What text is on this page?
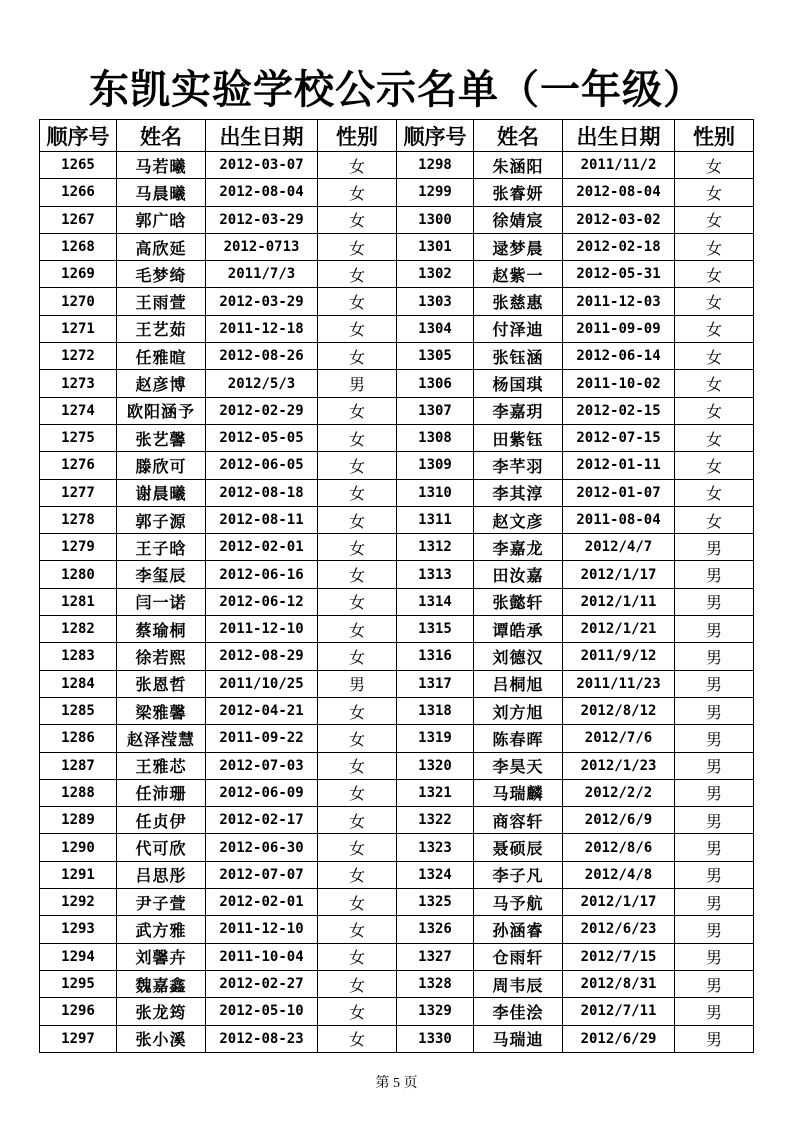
东凯实验学校公示名单（一年级）
顺序号	姓名	出生日期	性别	顺序号	姓名	出生日期	性别
1265	马若曦	2012-03-07	女	1298	朱涵阳	2011/11/2	女
1266	马晨曦	2012-08-04	女	1299	张睿妍	2012-08-04	女
1267	郭广晗	2012-03-29	女	1300	徐婧宸	2012-03-02	女
1268	高欣延	2012-0713	女	1301	逯梦晨	2012-02-18	女
1269	毛梦绮	2011/7/3	女	1302	赵紫一	2012-05-31	女
1270	王雨萱	2012-03-29	女	1303	张慈惠	2011-12-03	女
1271	王艺茹	2011-12-18	女	1304	付泽迪	2011-09-09	女
1272	任雅暄	2012-08-26	女	1305	张钰涵	2012-06-14	女
1273	赵彦博	2012/5/3	男	1306	杨国琪	2011-10-02	女
1274	欧阳涵予	2012-02-29	女	1307	李嘉玥	2012-02-15	女
1275	张艺馨	2012-05-05	女	1308	田紫钰	2012-07-15	女
1276	滕欣可	2012-06-05	女	1309	李芊羽	2012-01-11	女
1277	谢晨曦	2012-08-18	女	1310	李其淳	2012-01-07	女
1278	郭子源	2012-08-11	女	1311	赵文彦	2011-08-04	女
1279	王子晗	2012-02-01	女	1312	李嘉龙	2012/4/7	男
1280	李玺辰	2012-06-16	女	1313	田汝嘉	2012/1/17	男
1281	闫一诺	2012-06-12	女	1314	张懿轩	2012/1/11	男
1282	蔡瑜桐	2011-12-10	女	1315	谭皓承	2012/1/21	男
1283	徐若熙	2012-08-29	女	1316	刘德汉	2011/9/12	男
1284	张恩哲	2011/10/25	男	1317	吕桐旭	2011/11/23	男
1285	梁雅馨	2012-04-21	女	1318	刘方旭	2012/8/12	男
1286	赵泽滢慧	2011-09-22	女	1319	陈春晖	2012/7/6	男
1287	王雅芯	2012-07-03	女	1320	李昊天	2012/1/23	男
1288	任沛珊	2012-06-09	女	1321	马瑞麟	2012/2/2	男
1289	任贞伊	2012-02-17	女	1322	商容轩	2012/6/9	男
1290	代可欣	2012-06-30	女	1323	聂硕辰	2012/8/6	男
1291	吕思彤	2012-07-07	女	1324	李子凡	2012/4/8	男
1292	尹子萱	2012-02-01	女	1325	马予航	2012/1/17	男
1293	武方雅	2011-12-10	女	1326	孙涵睿	2012/6/23	男
1294	刘馨卉	2011-10-04	女	1327	仓雨轩	2012/7/15	男
1295	魏嘉鑫	2012-02-27	女	1328	周韦辰	2012/8/31	男
1296	张龙筠	2012-05-10	女	1329	李佳浍	2012/7/11	男
1297	张小溪	2012-08-23	女	1330	马瑞迪	2012/6/29	男
第 5 页
